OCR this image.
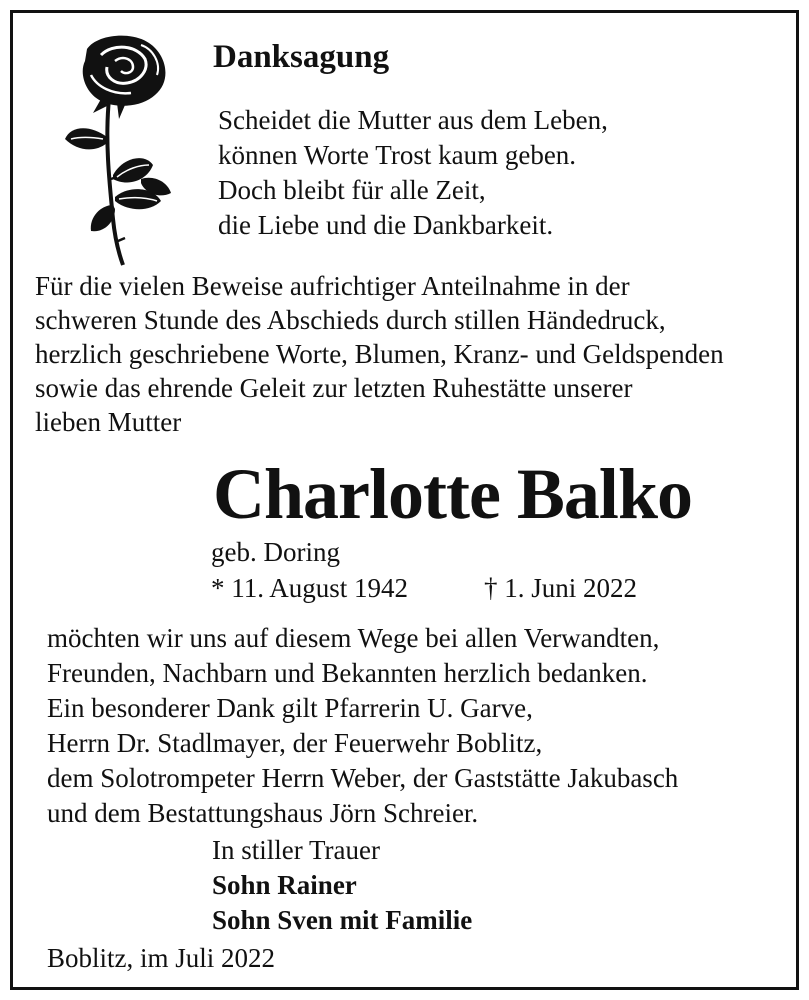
Danksagung
Scheidet die Mutter aus dem Leben,
können Worte Trost kaum geben.
Doch bleibt für alle Zeit,
die Liebe und die Dankbarkeit.
Für die vielen Beweise aufrichtiger Anteilnahme in der
schweren Stunde des Abschieds durch stillen Händedruck,
herzlich geschriebene Worte, Blumen, Kranz- und Geldspenden
sowie das ehrende Geleit zur letzten Ruhestätte unserer
lieben Mutter
Charlotte Balko
geb. Doring
* 11. August 1942	† 1. Juni 2022
möchten wir uns auf diesem Wege bei allen Verwandten,
Freunden, Nachbarn und Bekannten herzlich bedanken.
Ein besonderer Dank gilt Pfarrerin U. Garve,
Herrn Dr. Stadlmayer, der Feuerwehr Boblitz,
dem Solotrompeter Herrn Weber, der Gaststätte Jakubasch
und dem Bestattungshaus Jörn Schreier.
In stiller Trauer
Sohn Rainer
Sohn Sven mit Familie
Boblitz, im Juli 2022
